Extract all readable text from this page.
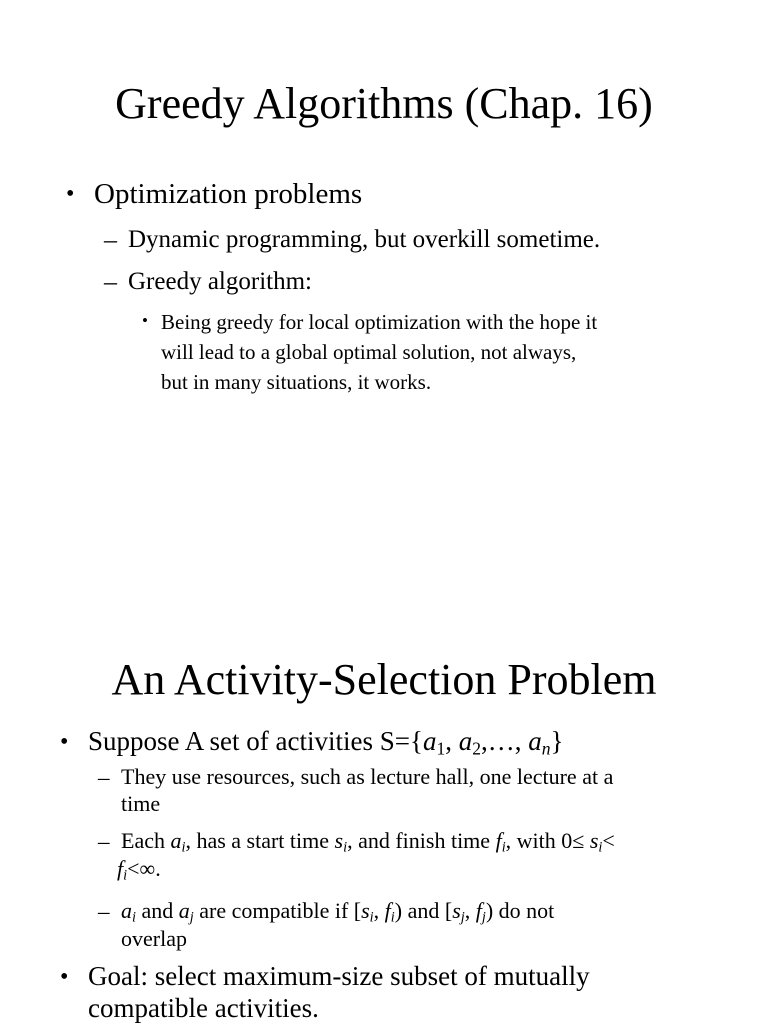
Greedy Algorithms (Chap. 16)
• Optimization problems
– Dynamic programming, but overkill sometime.
– Greedy algorithm:
• Being greedy for local optimization with the hope it
will lead to a global optimal solution, not always,
but in many situations, it works.
An Activity-Selection Problem
• Suppose A set of activities $S=\{a_1$, $a_2,\dots$, $a_n$}
– They use resources, such as lecture hall, one lecture at a
time
– Each $a_i$, has a start time $s_i$, and finish time $f_i$, with $0\le s_i<$
$f_i<\infty$.
– $a_i$ and $a_j$ are compatible if [$s_i$, $f_i$) and [$s_j$, $f_j$) do not
overlap
• Goal: select maximum-size subset of mutually
compatible activities.
